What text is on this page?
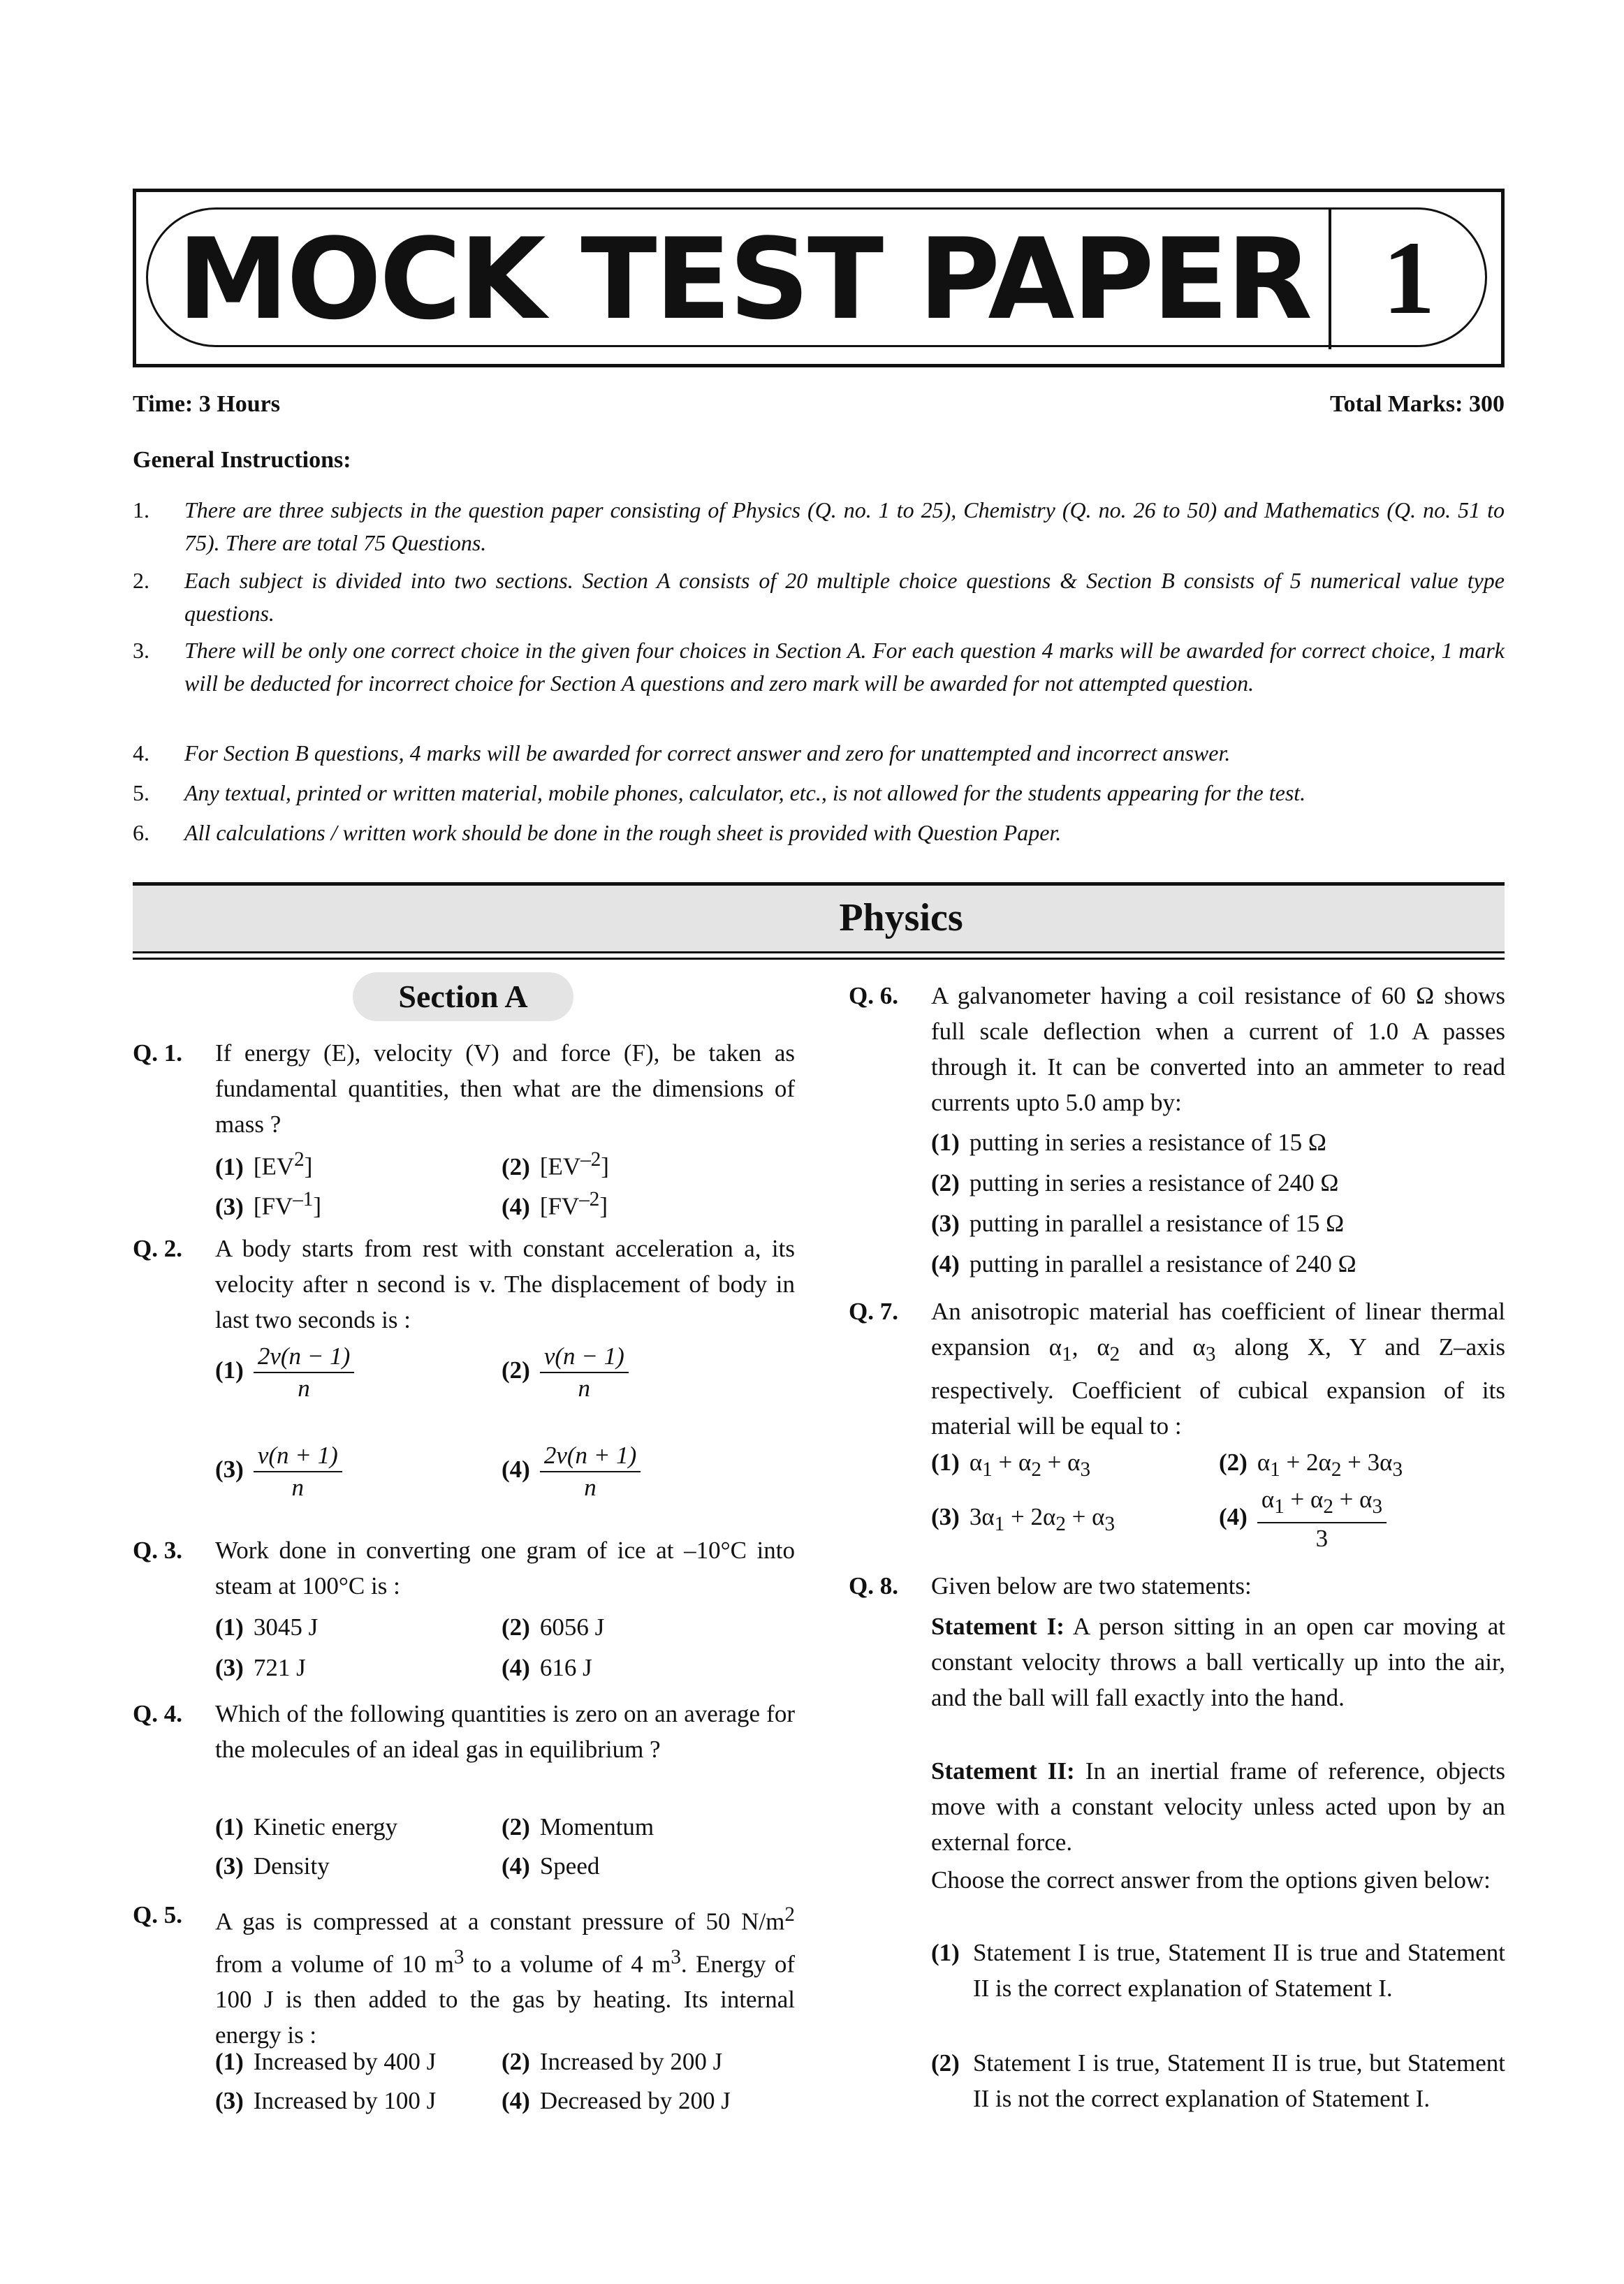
MOCK TEST PAPER 1
Time: 3 Hours	Total Marks: 300
General Instructions:
1. There are three subjects in the question paper consisting of Physics (Q. no. 1 to 25), Chemistry (Q. no. 26 to 50) and Mathematics (Q. no. 51 to 75). There are total 75 Questions.
2. Each subject is divided into two sections. Section A consists of 20 multiple choice questions & Section B consists of 5 numerical value type questions.
3. There will be only one correct choice in the given four choices in Section A. For each question 4 marks will be awarded for correct choice, 1 mark will be deducted for incorrect choice for Section A questions and zero mark will be awarded for not attempted question.
4. For Section B questions, 4 marks will be awarded for correct answer and zero for unattempted and incorrect answer.
5. Any textual, printed or written material, mobile phones, calculator, etc., is not allowed for the students appearing for the test.
6. All calculations / written work should be done in the rough sheet is provided with Question Paper.
Physics
Section A
Q. 1. If energy (E), velocity (V) and force (F), be taken as fundamental quantities, then what are the dimensions of mass ?
(1) $[EV^2]$	(2) $[EV^{-2}]$
(3) $[FV^{-1}]$	(4) $[FV^{-2}]$
Q. 2. A body starts from rest with constant acceleration a, its velocity after n second is v. The displacement of body in last two seconds is :
$(1) \frac{2v(n - 1)}{n}$	$(2) \frac{v(n - 1)}{n}$
$(3) \frac{v(n + 1)}{n}$	$(4) \frac{2v(n + 1)}{n}$
Q. 3. Work done in converting one gram of ice at –10°C into steam at 100°C is :
(1) 3045 J	(2) 6056 J
(3) 721 J	(4) 616 J
Q. 4. Which of the following quantities is zero on an average for the molecules of an ideal gas in equilibrium ?
(1) Kinetic energy	(2) Momentum
(3) Density	(4) Speed
Q. 5. A gas is compressed at a constant pressure of 50 $N/m^2$ from a volume of 10 $m^3$ to a volume of 4 $m^3$. Energy of 100 J is then added to the gas by heating. Its internal energy is :
(1) Increased by 400 J	(2) Increased by 200 J
(3) Increased by 100 J	(4) Decreased by 200 J
Q. 6. A galvanometer having a coil resistance of 60 Ω shows full scale deflection when a current of 1.0 A passes through it. It can be converted into an ammeter to read currents upto 5.0 amp by:
(1) putting in series a resistance of 15 Ω
(2) putting in series a resistance of 240 Ω
(3) putting in parallel a resistance of 15 Ω
(4) putting in parallel a resistance of 240 Ω
Q. 7. An anisotropic material has coefficient of linear thermal expansion $\alpha_1$, $\alpha_2$ and $\alpha_3$ along X, Y and Z–axis respectively. Coefficient of cubical expansion of its material will be equal to :
(1) $\alpha_1 + \alpha_2 + \alpha_3$	(2) $\alpha_1 + 2\alpha_2 + 3\alpha_3$
(3) $3\alpha_1 + 2\alpha_2 + \alpha_3$	$(4) \frac{\alpha_1 + \alpha_2 + \alpha_3}{3}$
Q. 8. Given below are two statements:
Statement I: A person sitting in an open car moving at constant velocity throws a ball vertically up into the air, and the ball will fall exactly into the hand.
Statement II: In an inertial frame of reference, objects move with a constant velocity unless acted upon by an external force.
Choose the correct answer from the options given below:
(1) Statement I is true, Statement II is true and Statement II is the correct explanation of Statement I.
(2) Statement I is true, Statement II is true, but Statement II is not the correct explanation of Statement I.
